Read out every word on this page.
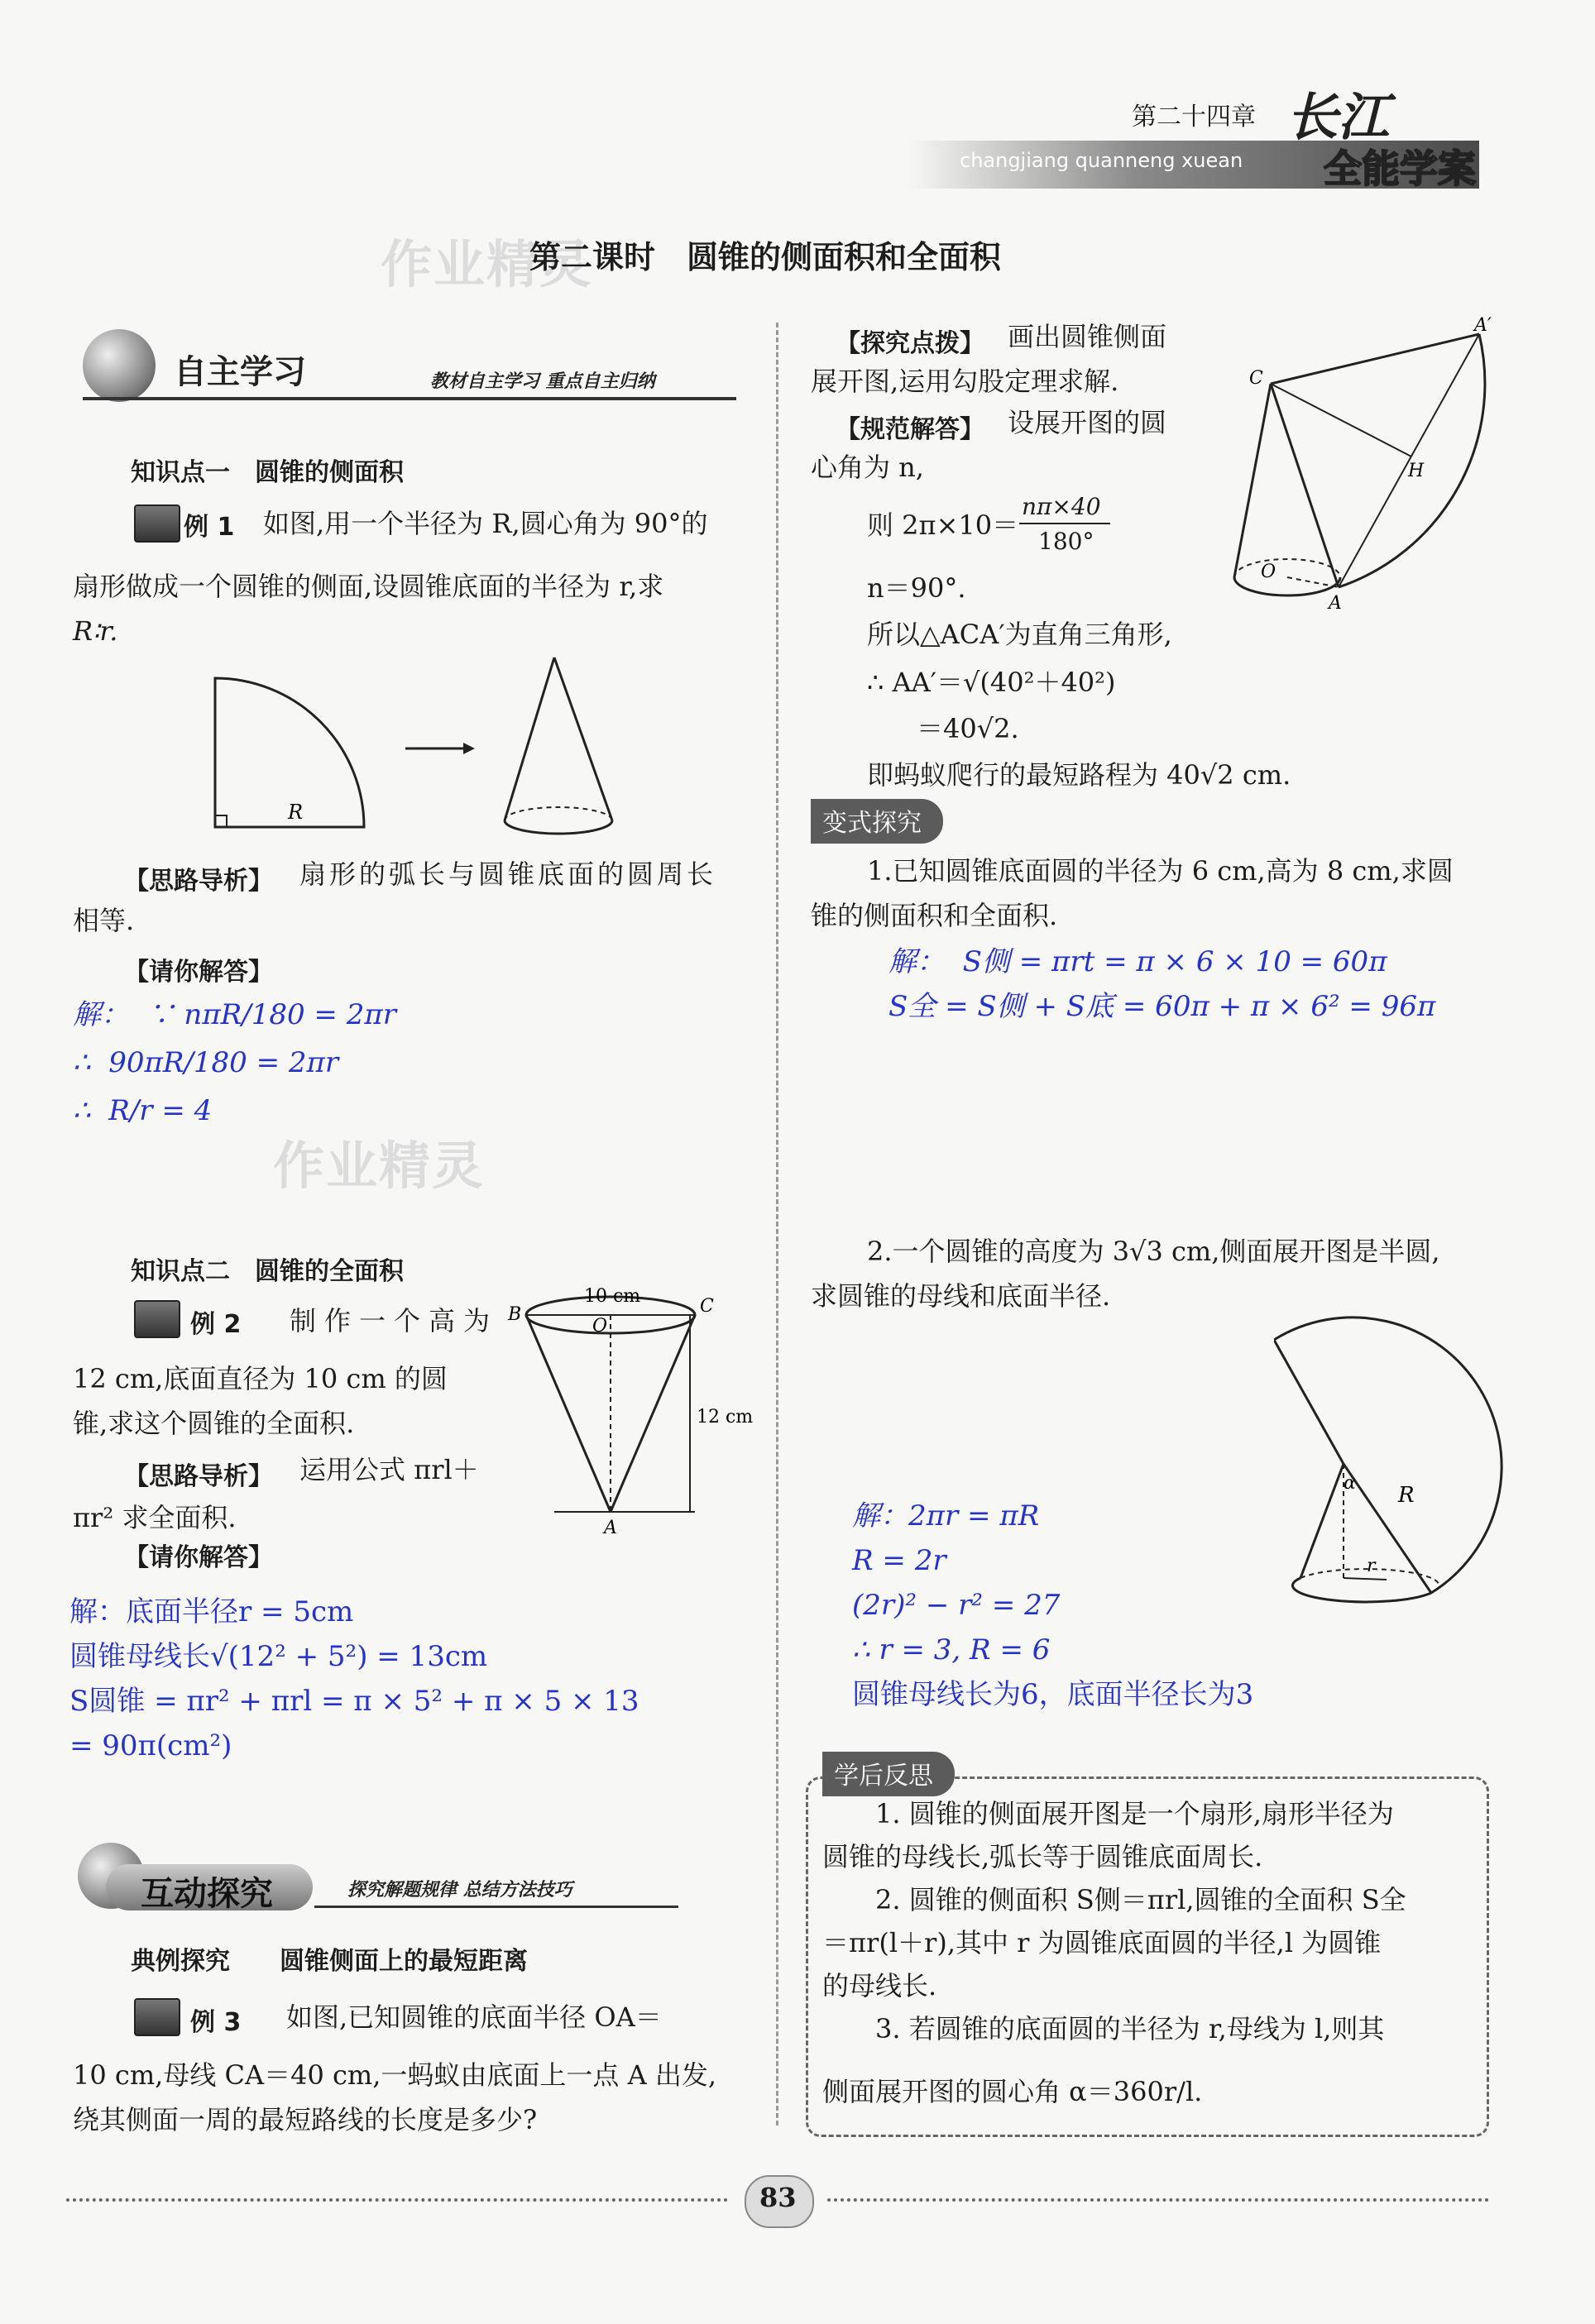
第二十四章
changjiang quanneng xuean
长江
全能学案
作业精灵
作业精灵
第二课时　圆锥的侧面积和全面积
自主学习	教材自主学习 重点自主归纳
知识点一　圆锥的侧面积
例 1 如图,用一个半径为 R,圆心角为 90°的
扇形做成一个圆锥的侧面,设圆锥底面的半径为 r,求
R∶r.
R
【思路导析】 扇形的弧长与圆锥底面的圆周长
相等.
【请你解答】
解：  ∵ nπR/180 = 2πr
∴  90πR/180 = 2πr
∴  R/r = 4
知识点二　圆锥的全面积
例 2 制作一个高为
12 cm,底面直径为 10 cm 的圆
锥,求这个圆锥的全面积.
【思路导析】 运用公式 πrl＋
πr² 求全面积.
【请你解答】
10 cm
12 cm
B	C
O
A
解：底面半径r = 5cm
圆锥母线长√(12² + 5²) = 13cm
S圆锥 = πr² + πrl = π × 5² + π × 5 × 13
= 90π(cm²)
互动探究	探究解题规律 总结方法技巧
典例探究　　圆锥侧面上的最短距离
例 3 如图,已知圆锥的底面半径 OA＝
10 cm,母线 CA＝40 cm,一蚂蚁由底面上一点 A 出发,
绕其侧面一周的最短路线的长度是多少?
【探究点拨】 画出圆锥侧面
展开图,运用勾股定理求解.
【规范解答】 设展开图的圆
心角为 n,
则 2π×10＝
nπ×40
180°
n＝90°.
所以△ACA′为直角三角形,
∴ AA′＝√(40²＋40²)
＝40√2.
即蚂蚁爬行的最短路程为 40√2 cm.
A′
C
H
O
A
变式探究
1.已知圆锥底面圆的半径为 6 cm,高为 8 cm,求圆
锥的侧面积和全面积.
解：  S侧 = πrt = π × 6 × 10 = 60π
S全 = S侧 + S底 = 60π + π × 6² = 96π
2.一个圆锥的高度为 3√3 cm,侧面展开图是半圆,
求圆锥的母线和底面半径.
α R
r
解：2πr = πR
R = 2r
(2r)² − r² = 27
∴ r = 3, R = 6
圆锥母线长为6，底面半径长为3
学后反思
1. 圆锥的侧面展开图是一个扇形,扇形半径为
圆锥的母线长,弧长等于圆锥底面周长.
2. 圆锥的侧面积 S侧＝πrl,圆锥的全面积 S全
＝πr(l＋r),其中 r 为圆锥底面圆的半径,l 为圆锥
的母线长.
3. 若圆锥的底面圆的半径为 r,母线为 l,则其
侧面展开图的圆心角 α＝360r/l.
83
